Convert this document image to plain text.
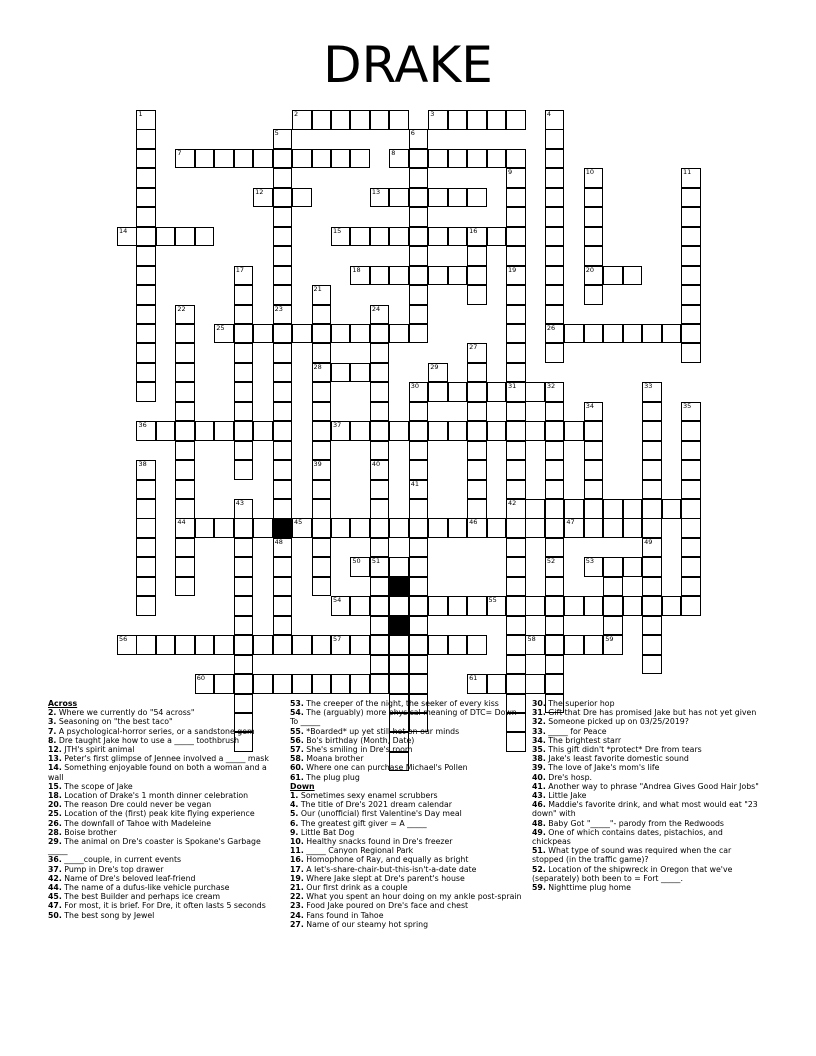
DRAKE
2	3
7	8
12	13
14	15	16
18	20
25	26
28
31
36	37
42
44	45	46	47
50 51	53
54	55
56	57	58
60	61
1	4
5
23
6
9
19
10	11
17
21
39
22
48
24
40
27
30
41
32
52
33
49
34	35
38
43
59
29
Across
2. Where we currently do "54 across"
3. Seasoning on "the best taco"
7. A psychological-horror series, or a sandstone gem
8. Dre taught Jake how to use a _____ toothbrush
12. JTH's spirit animal
13. Peter's first glimpse of Jennee involved a _____ mask
14. Something enjoyable found on both a woman and a wall
15. The scope of Jake
18. Location of Drake's 1 month dinner celebration
20. The reason Dre could never be vegan
25. Location of the (first) peak kite flying experience
26. The downfall of Tahoe with Madeleine
28. Boise brother
29. The animal on Dre's coaster is Spokane's Garbage _____
36. _____couple, in current events
37. Pump in Dre's top drawer
42. Name of Dre's beloved leaf-friend
44. The name of a dufus-like vehicle purchase
45. The best Builder and perhaps ice cream
47. For most, it is brief. For Dre, it often lasts 5 seconds
50. The best song by Jewel
53. The creeper of the night, the seeker of every kiss
54. The (arguably) more physical meaning of DTC= Down To _____
55. *Boarded* up yet still hot on our minds
56. Bo's birthday (Month, Date)
57. She's smiling in Dre's room
58. Moana brother
60. Where one can purchase Michael's Pollen
61. The plug plug
Down
1. Sometimes sexy enamel scrubbers
4. The title of Dre's 2021 dream calendar
5. Our (unofficial) first Valentine's Day meal
6. The greatest gift giver = A _____
9. Little Bat Dog
10. Healthy snacks found in Dre's freezer
11. _____ Canyon Regional Park
16. Homophone of Ray, and equally as bright
17. A let's-share-chair-but-this-isn't-a-date date
19. Where Jake slept at Dre's parent's house
21. Our first drink as a couple
22. What you spent an hour doing on my ankle post-sprain
23. Food Jake poured on Dre's face and chest
24. Fans found in Tahoe
27. Name of our steamy hot spring
30. The superior hop
31. Gift that Dre has promised Jake but has not yet given
32. Someone picked up on 03/25/2019?
33. _____ for Peace
34. The brightest starr
35. This gift didn't *protect* Dre from tears
38. Jake's least favorite domestic sound
39. The love of Jake's mom's life
40. Dre's hosp.
41. Another way to phrase "Andrea Gives Good Hair Jobs"
43. Little Jake
46. Maddie's favorite drink, and what most would eat "23 down" with
48. Baby Got "_____"- parody from the Redwoods
49. One of which contains dates, pistachios, and chickpeas
51. What type of sound was required when the car stopped (in the traffic game)?
52. Location of the shipwreck in Oregon that we've (separately) both been to = Fort _____.
59. Nighttime plug home
